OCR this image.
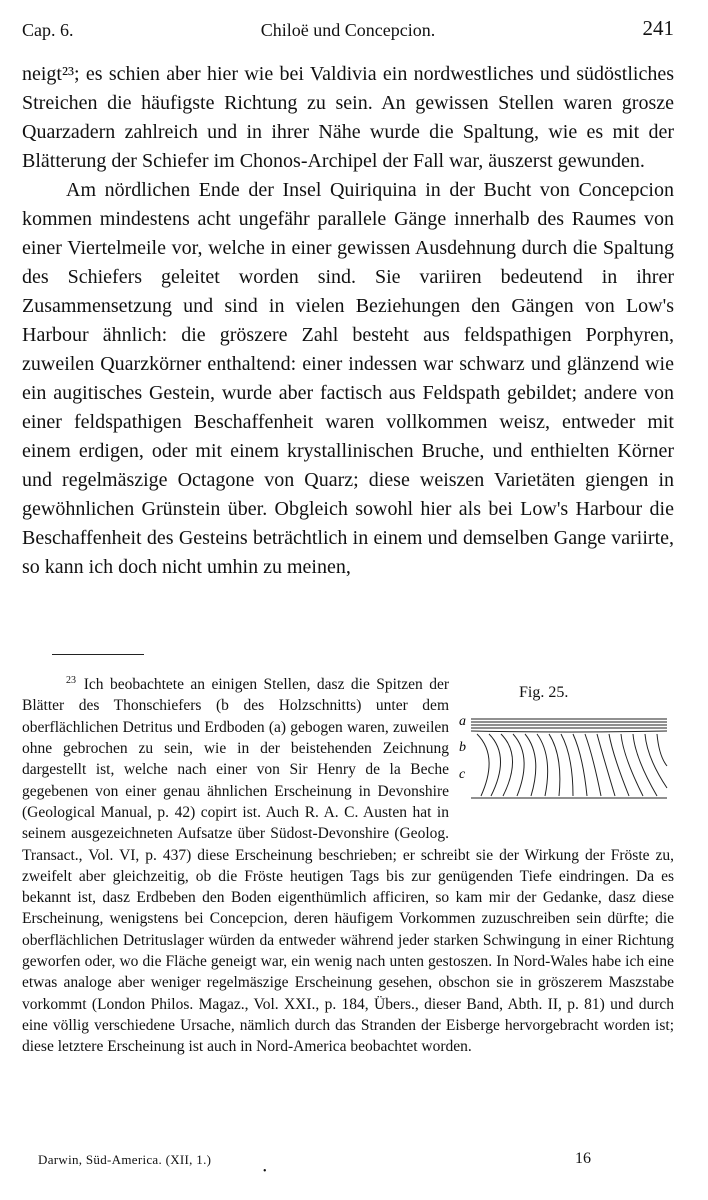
Cap. 6.	Chiloë und Concepcion.	241

neigt²³; es schien aber hier wie bei Valdivia ein nordwestliches und südöstliches Streichen die häufigste Richtung zu sein. An gewissen Stellen waren grosze Quarzadern zahlreich und in ihrer Nähe wurde die Spaltung, wie es mit der Blätterung der Schiefer im Chonos-Archipel der Fall war, äuszerst gewunden.

Am nördlichen Ende der Insel Quiriquina in der Bucht von Concepcion kommen mindestens acht ungefähr parallele Gänge innerhalb des Raumes von einer Viertelmeile vor, welche in einer gewissen Ausdehnung durch die Spaltung des Schiefers geleitet worden sind. Sie variiren bedeutend in ihrer Zusammensetzung und sind in vielen Beziehungen den Gängen von Low's Harbour ähnlich: die gröszere Zahl besteht aus feldspathigen Porphyren, zuweilen Quarzkörner enthaltend: einer indessen war schwarz und glänzend wie ein augitisches Gestein, wurde aber factisch aus Feldspath gebildet; andere von einer feldspathigen Beschaffenheit waren vollkommen weisz, entweder mit einem erdigen, oder mit einem krystallinischen Bruche, und enthielten Körner und regelmäszige Octagone von Quarz; diese weiszen Varietäten giengen in gewöhnlichen Grünstein über. Obgleich sowohl hier als bei Low's Harbour die Beschaffenheit des Gesteins beträchtlich in einem und demselben Gange variirte, so kann ich doch nicht umhin zu meinen,

Fig. 25.
a
b
c

$^{23}$  Ich beobachtete an einigen Stellen, dasz die Spitzen der Blätter des Thonschiefers (b des Holzschnitts) unter dem oberflächlichen Detritus und Erdboden (a) gebogen waren, zuweilen ohne gebrochen zu sein, wie in der beistehenden Zeichnung dargestellt ist, welche nach einer von Sir Henry de la Beche gegebenen von einer genau ähnlichen Erscheinung in Devonshire (Geological Manual, p. 42) copirt ist. Auch R. A. C. Austen hat in seinem ausgezeichneten Aufsatze über Südost-Devonshire (Geolog. Transact., Vol. VI, p. 437) diese Erscheinung beschrieben; er schreibt sie der Wirkung der Fröste zu, zweifelt aber gleichzeitig, ob die Fröste heutigen Tags bis zur genügenden Tiefe eindringen. Da es bekannt ist, dasz Erdbeben den Boden eigenthümlich afficiren, so kam mir der Gedanke, dasz diese Erscheinung, wenigstens bei Concepcion, deren häufigem Vorkommen zuzuschreiben sein dürfte; die oberflächlichen Detrituslager würden da entweder während jeder starken Schwingung in einer Richtung geworfen oder, wo die Fläche geneigt war, ein wenig nach unten gestoszen. In Nord-Wales habe ich eine etwas analoge aber weniger regelmäszige Erscheinung gesehen, obschon sie in gröszerem Maszstabe vorkommt (London Philos. Magaz., Vol. XXI., p. 184, Übers., dieser Band, Abth. II, p. 81) und durch eine völlig verschiedene Ursache, nämlich durch das Stranden der Eisberge hervorgebracht worden ist; diese letztere Erscheinung ist auch in Nord-America beobachtet worden.

Darwin, Süd-America. (XII, 1.)
•
16
